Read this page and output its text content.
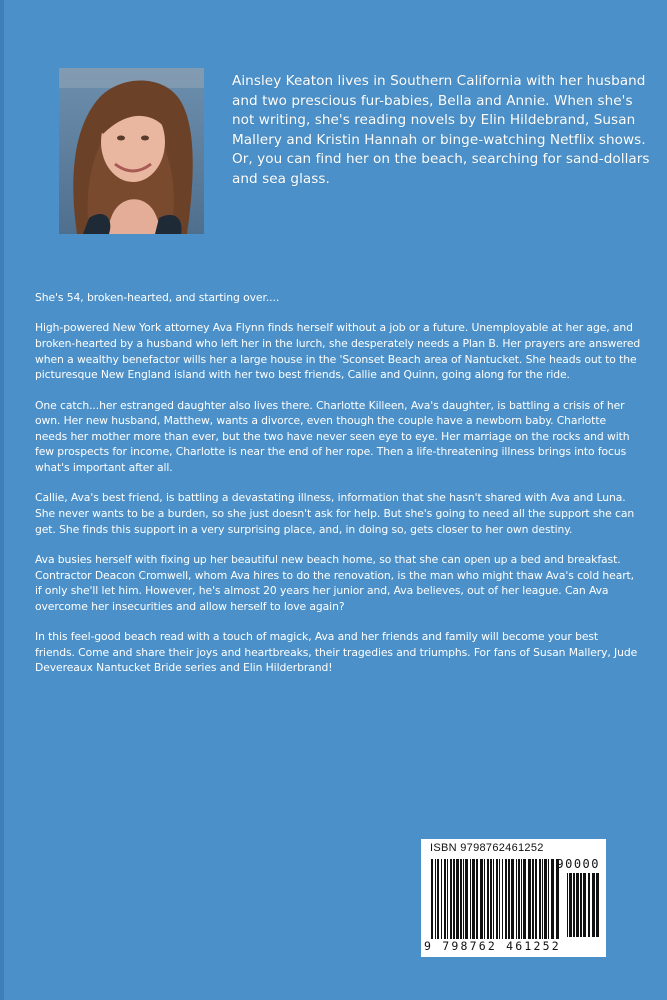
Ainsley Keaton lives in Southern California with her husband and two prescious fur-babies, Bella and Annie. When she's not writing, she's reading novels by Elin Hildebrand, Susan Mallery and Kristin Hannah or binge-watching Netflix shows. Or, you can find her on the beach, searching for sand-dollars and sea glass.

She's 54, broken-hearted, and starting over....

High-powered New York attorney Ava Flynn finds herself without a job or a future. Unemployable at her age, and broken-hearted by a husband who left her in the lurch, she desperately needs a Plan B. Her prayers are answered when a wealthy benefactor wills her a large house in the 'Sconset Beach area of Nantucket. She heads out to the picturesque New England island with her two best friends, Callie and Quinn, going along for the ride.

One catch...her estranged daughter also lives there. Charlotte Killeen, Ava's daughter, is battling a crisis of her own. Her new husband, Matthew, wants a divorce, even though the couple have a newborn baby. Charlotte needs her mother more than ever, but the two have never seen eye to eye. Her marriage on the rocks and with few prospects for income, Charlotte is near the end of her rope. Then a life-threatening illness brings into focus what's important after all.

Callie, Ava's best friend, is battling a devastating illness, information that she hasn't shared with Ava and Luna. She never wants to be a burden, so she just doesn't ask for help. But she's going to need all the support she can get. She finds this support in a very surprising place, and, in doing so, gets closer to her own destiny.

Ava busies herself with fixing up her beautiful new beach home, so that she can open up a bed and breakfast. Contractor Deacon Cromwell, whom Ava hires to do the renovation, is the man who might thaw Ava's cold heart, if only she'll let him. However, he's almost 20 years her junior and, Ava believes, out of her league. Can Ava overcome her insecurities and allow herself to love again?

In this feel-good beach read with a touch of magick, Ava and her friends and family will become your best friends. Come and share their joys and heartbreaks, their tragedies and triumphs. For fans of Susan Mallery, Jude Devereaux Nantucket Bride series and Elin Hilderbrand!

ISBN 9798762461252
90000
9 798762 461252
